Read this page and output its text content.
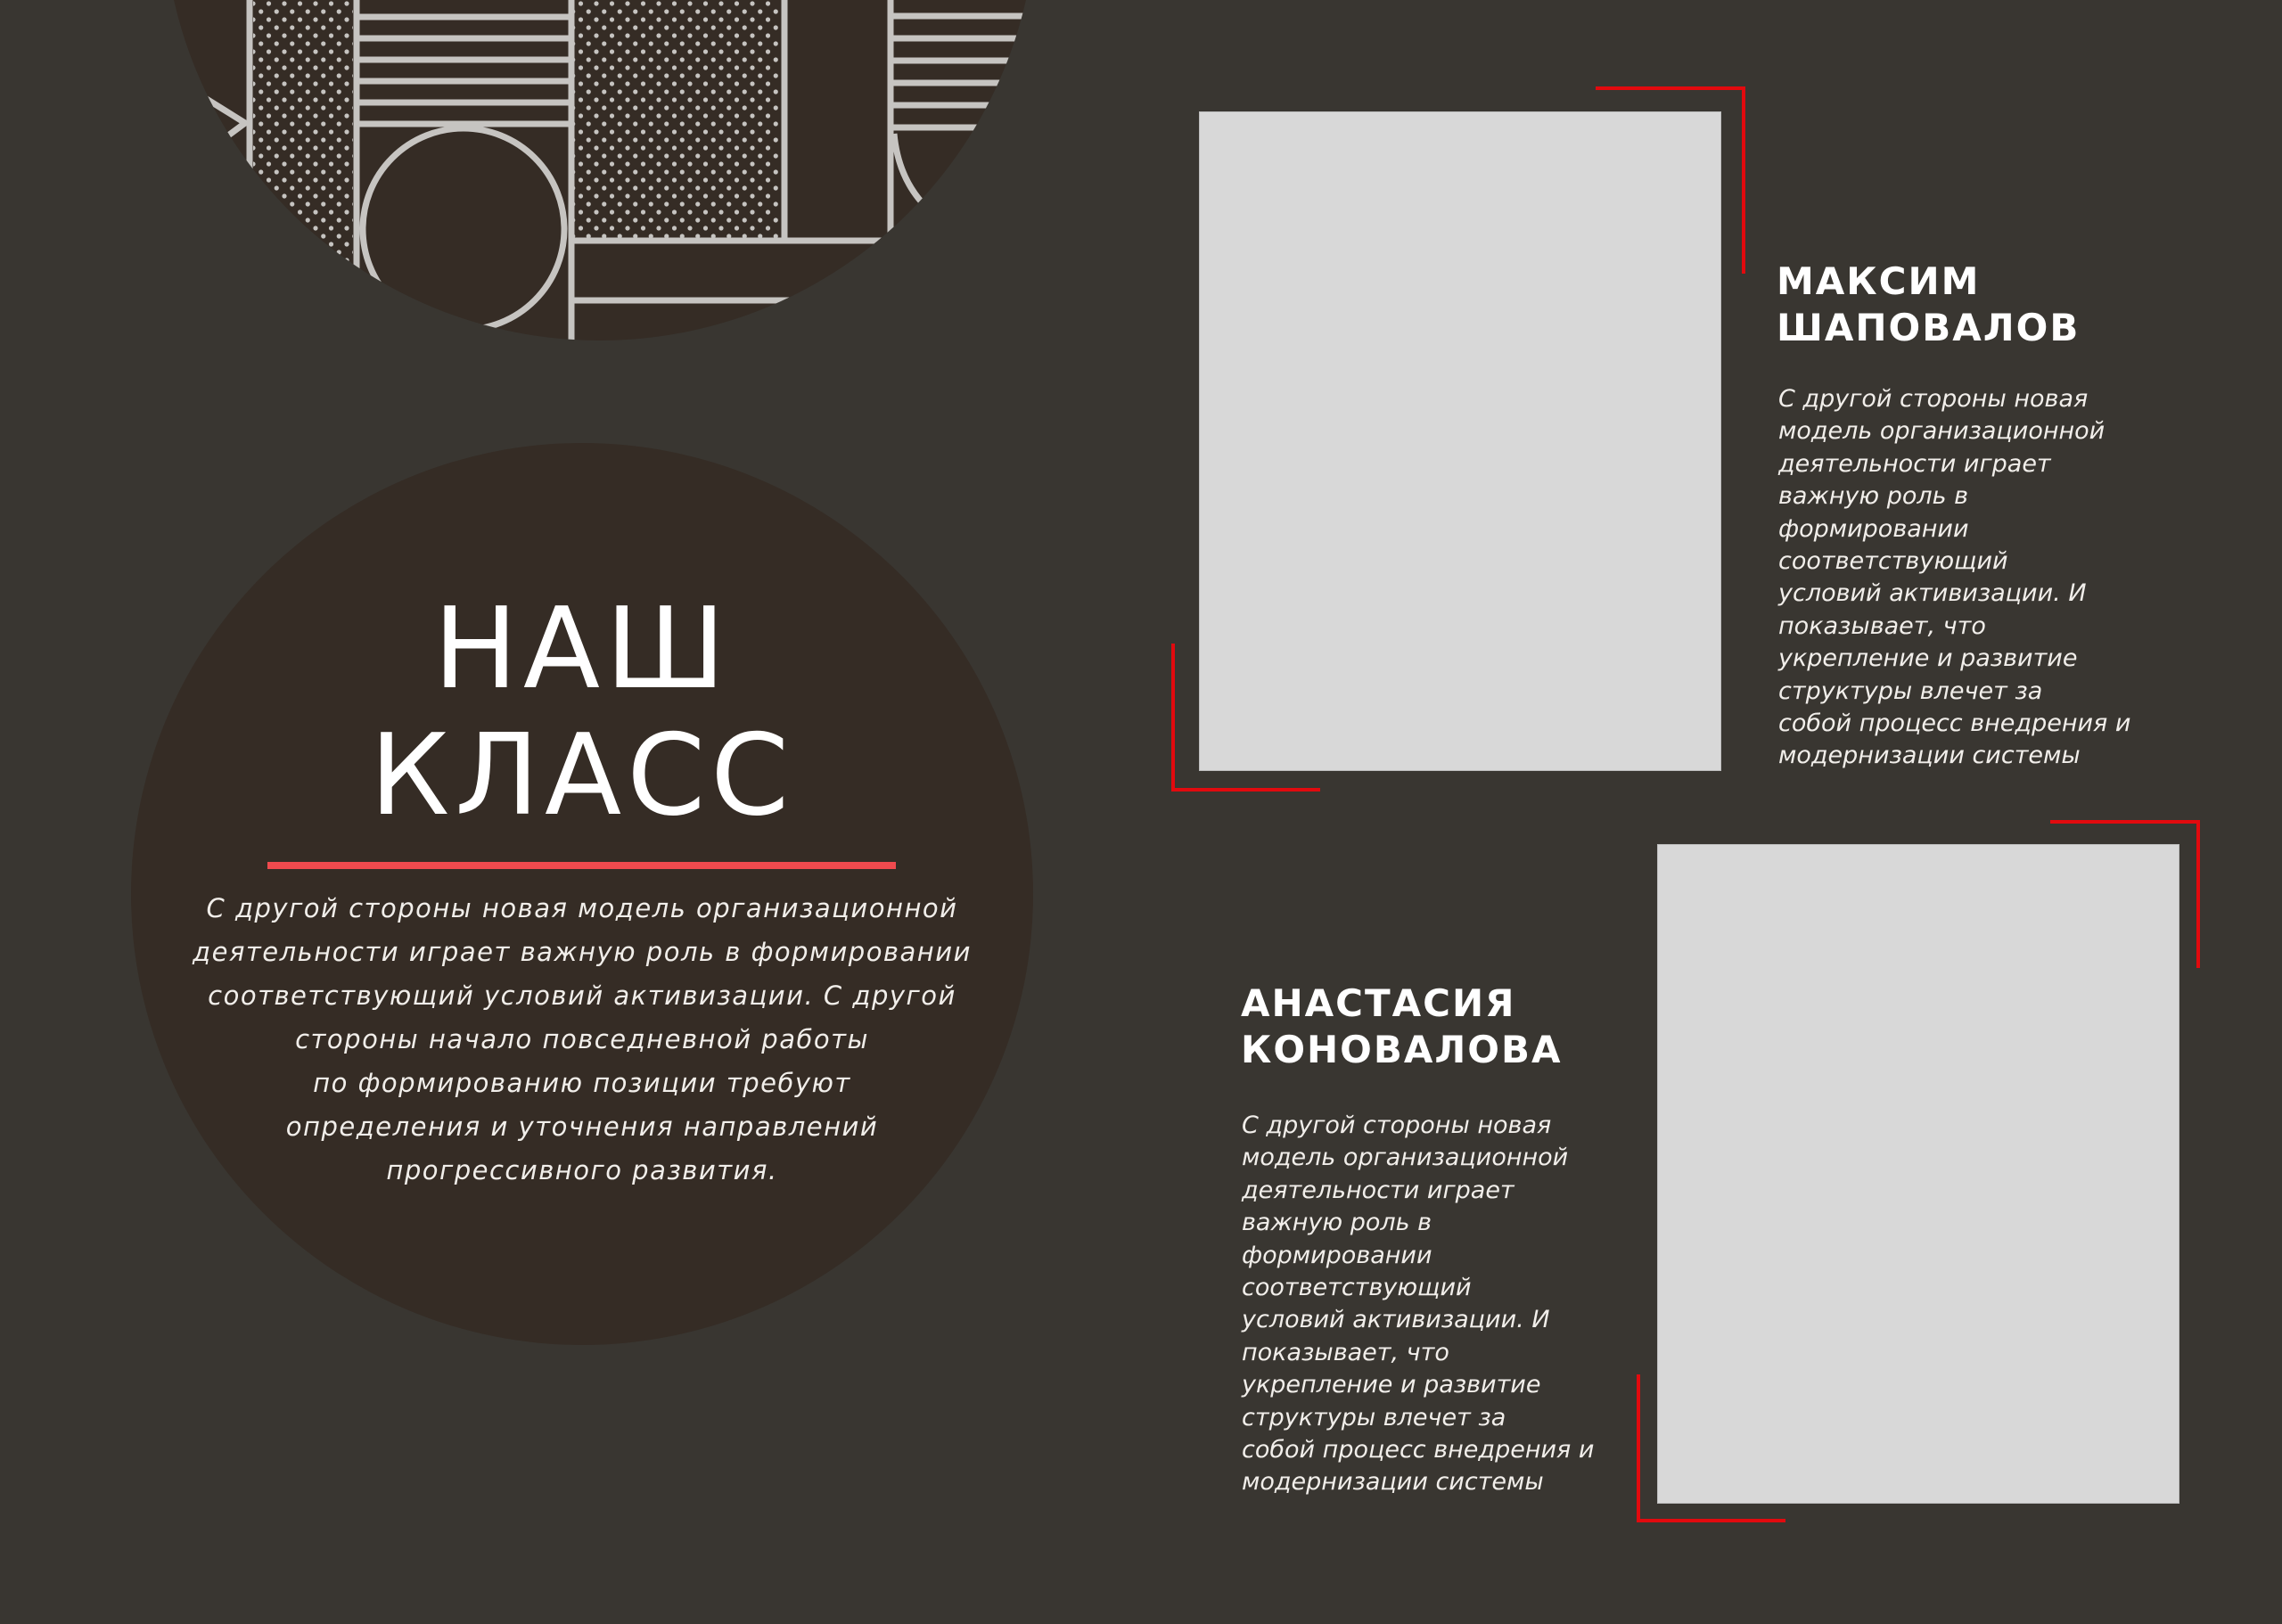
НАШ
КЛАСС
С другой стороны новая модель организационной
деятельности играет важную роль в формировании
соответствующий условий активизации. С другой
стороны начало повседневной работы
по формированию позиции требуют
определения и уточнения направлений
прогрессивного развития.
МАКСИМ
ШАПОВАЛОВ
С другой стороны новая
модель организационной
деятельности играет
важную роль в
формировании
соответствующий
условий активизации. И
показывает, что
укрепление и развитие
структуры влечет за
собой процесс внедрения и
модернизации системы
АНАСТАСИЯ
КОНОВАЛОВА
С другой стороны новая
модель организационной
деятельности играет
важную роль в
формировании
соответствующий
условий активизации. И
показывает, что
укрепление и развитие
структуры влечет за
собой процесс внедрения и
модернизации системы
